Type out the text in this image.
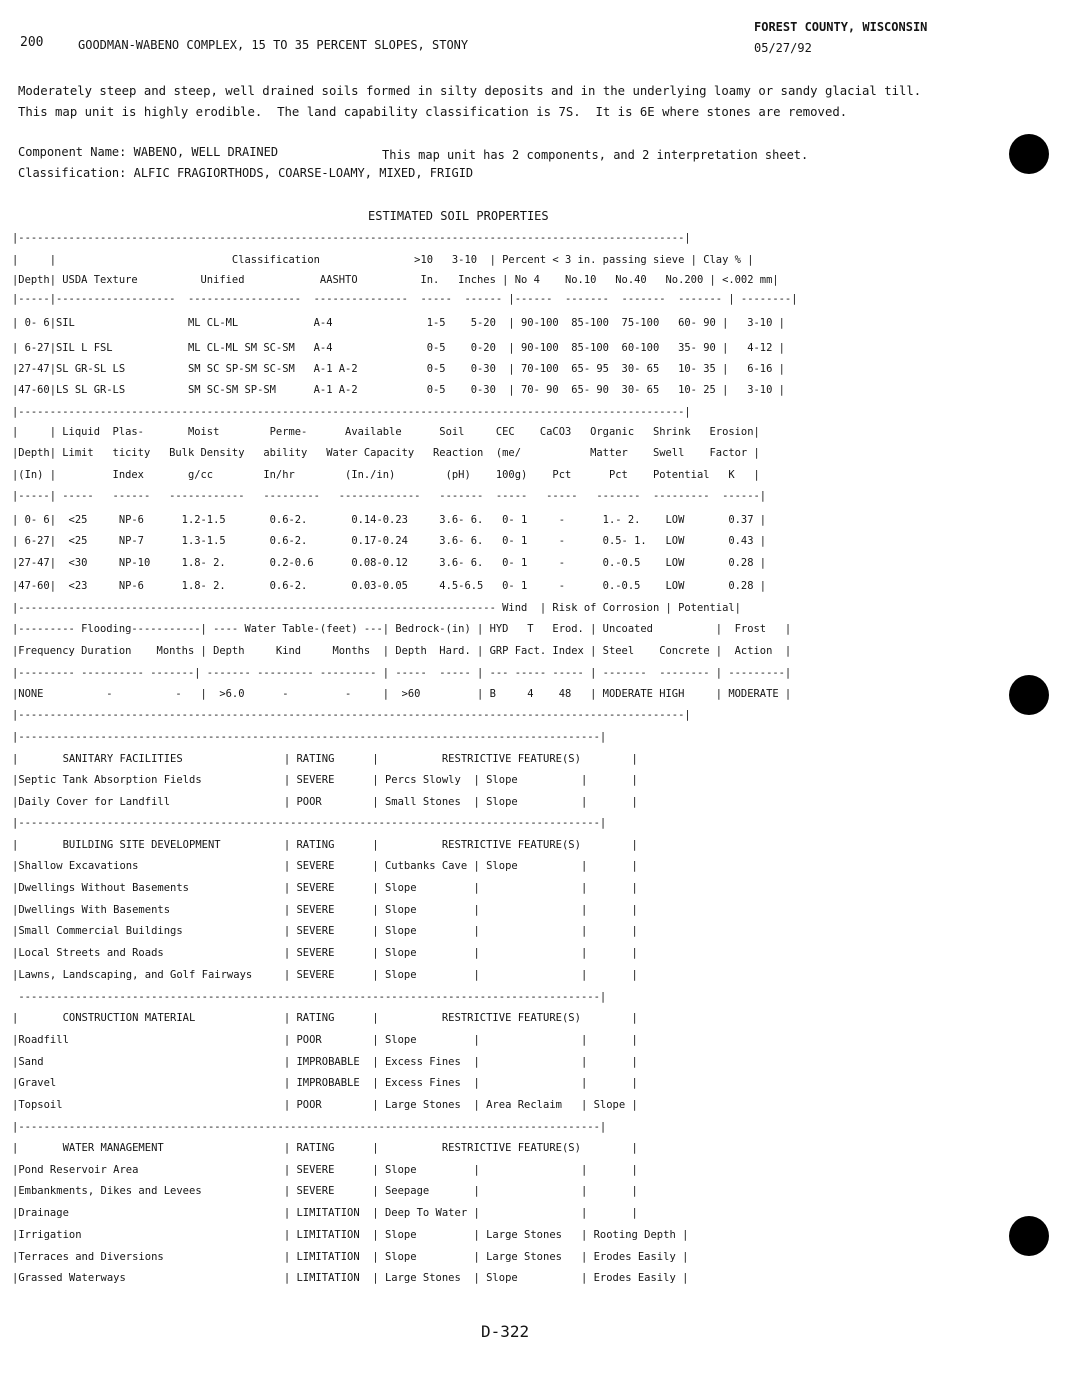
200	GOODMAN-WABENO COMPLEX, 15 TO 35 PERCENT SLOPES, STONY
FOREST COUNTY, WISCONSIN
05/27/92
Moderately steep and steep, well drained soils formed in silty deposits and in the underlying loamy or sandy glacial till.
This map unit is highly erodible.  The land capability classification is 7S.  It is 6E where stones are removed.
Component Name: WABENO, WELL DRAINED	This map unit has 2 components, and 2 interpretation sheet.
Classification: ALFIC FRAGIORTHODS, COARSE-LOAMY, MIXED, FRIGID
ESTIMATED SOIL PROPERTIES
|----------------------------------------------------------------------------------------------------------|
|     |                            Classification               >10   3-10  | Percent < 3 in. passing sieve | Clay % |
|Depth| USDA Texture          Unified            AASHTO          In.   Inches | No 4    No.10   No.40   No.200 | <.002 mm|
|-----|-------------------  ------------------  ---------------  -----  ------ |------  -------  -------  ------- | --------|
| 0- 6|SIL                  ML CL-ML            A-4               1-5    5-20  | 90-100  85-100  75-100   60- 90 |   3-10 |
| 6-27|SIL L FSL            ML CL-ML SM SC-SM   A-4               0-5    0-20  | 90-100  85-100  60-100   35- 90 |   4-12 |
|27-47|SL GR-SL LS          SM SC SP-SM SC-SM   A-1 A-2           0-5    0-30  | 70-100  65- 95  30- 65   10- 35 |   6-16 |
|47-60|LS SL GR-LS          SM SC-SM SP-SM      A-1 A-2           0-5    0-30  | 70- 90  65- 90  30- 65   10- 25 |   3-10 |
|----------------------------------------------------------------------------------------------------------|
|     | Liquid  Plas-       Moist        Perme-      Available      Soil     CEC    CaCO3   Organic   Shrink   Erosion|
|Depth| Limit   ticity   Bulk Density   ability   Water Capacity   Reaction  (me/           Matter    Swell    Factor |
|(In) |         Index       g/cc        In/hr        (In./in)        (pH)    100g)    Pct      Pct    Potential   K   |
|-----| -----   ------   ------------   ---------   -------------   -------  -----   -----   -------  ---------  ------|
| 0- 6|  <25     NP-6      1.2-1.5       0.6-2.       0.14-0.23     3.6- 6.   0- 1     -      1.- 2.    LOW       0.37 |
| 6-27|  <25     NP-7      1.3-1.5       0.6-2.       0.17-0.24     3.6- 6.   0- 1     -      0.5- 1.   LOW       0.43 |
|27-47|  <30     NP-10     1.8- 2.       0.2-0.6      0.08-0.12     3.6- 6.   0- 1     -      0.-0.5    LOW       0.28 |
|47-60|  <23     NP-6      1.8- 2.       0.6-2.       0.03-0.05     4.5-6.5   0- 1     -      0.-0.5    LOW       0.28 |
|---------------------------------------------------------------------------- Wind  | Risk of Corrosion | Potential|
|--------- Flooding-----------| ---- Water Table-(feet) ---| Bedrock-(in) | HYD   T   Erod. | Uncoated          |  Frost   |
|Frequency Duration    Months | Depth     Kind     Months  | Depth  Hard. | GRP Fact. Index | Steel    Concrete |  Action  |
|--------- ---------- -------| ------- --------- --------- | -----  ----- | --- ----- ----- | -------  -------- | ---------|
|NONE          -          -   |  >6.0      -         -     |  >60         | B     4    48   | MODERATE HIGH     | MODERATE |
|----------------------------------------------------------------------------------------------------------|
|--------------------------------------------------------------------------------------------|
|       SANITARY FACILITIES                | RATING      |          RESTRICTIVE FEATURE(S)        |
|Septic Tank Absorption Fields             | SEVERE      | Percs Slowly  | Slope          |       |
|Daily Cover for Landfill                  | POOR        | Small Stones  | Slope          |       |
|--------------------------------------------------------------------------------------------|
|       BUILDING SITE DEVELOPMENT          | RATING      |          RESTRICTIVE FEATURE(S)        |
|Shallow Excavations                       | SEVERE      | Cutbanks Cave | Slope          |       |
|Dwellings Without Basements               | SEVERE      | Slope         |                |       |
|Dwellings With Basements                  | SEVERE      | Slope         |                |       |
|Small Commercial Buildings                | SEVERE      | Slope         |                |       |
|Local Streets and Roads                   | SEVERE      | Slope         |                |       |
|Lawns, Landscaping, and Golf Fairways     | SEVERE      | Slope         |                |       |
--------------------------------------------------------------------------------------------|
|       CONSTRUCTION MATERIAL              | RATING      |          RESTRICTIVE FEATURE(S)        |
|Roadfill                                  | POOR        | Slope         |                |       |
|Sand                                      | IMPROBABLE  | Excess Fines  |                |       |
|Gravel                                    | IMPROBABLE  | Excess Fines  |                |       |
|Topsoil                                   | POOR        | Large Stones  | Area Reclaim   | Slope |
|--------------------------------------------------------------------------------------------|
|       WATER MANAGEMENT                   | RATING      |          RESTRICTIVE FEATURE(S)        |
|Pond Reservoir Area                       | SEVERE      | Slope         |                |       |
|Embankments, Dikes and Levees             | SEVERE      | Seepage       |                |       |
|Drainage                                  | LIMITATION  | Deep To Water |                |       |
|Irrigation                                | LIMITATION  | Slope         | Large Stones   | Rooting Depth |
|Terraces and Diversions                   | LIMITATION  | Slope         | Large Stones   | Erodes Easily |
|Grassed Waterways                         | LIMITATION  | Large Stones  | Slope          | Erodes Easily |
D-322
